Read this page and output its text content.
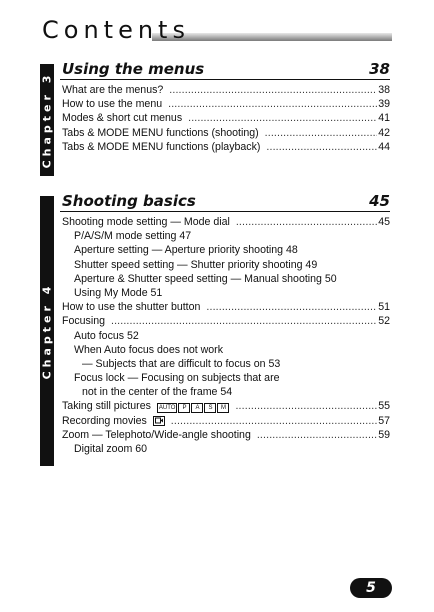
Contents
Chapter 3
Using the menus	38
What are the menus? . . .	38
How to use the menu . . .	39
Modes & short cut menus . . .	41
Tabs & MODE MENU functions (shooting) . . .	42
Tabs & MODE MENU functions (playback) . . .	44
Chapter 4
Shooting basics	45
Shooting mode setting — Mode dial . . .	45
P/A/S/M mode setting 47
Aperture setting — Aperture priority shooting 48
Shutter speed setting — Shutter priority shooting 49
Aperture & Shutter speed setting — Manual shooting 50
Using My Mode 51
How to use the shutter button . . .	51
Focusing . . .	52
Auto focus 52
When Auto focus does not work
— Subjects that are difficult to focus on 53
Focus lock — Focusing on subjects that are
not in the center of the frame 54
Taking still pictures	AUTO	P	A	S	M . . .	55
Recording movies . . .	57
Zoom — Telephoto/Wide-angle shooting . . .	59
Digital zoom 60
5
